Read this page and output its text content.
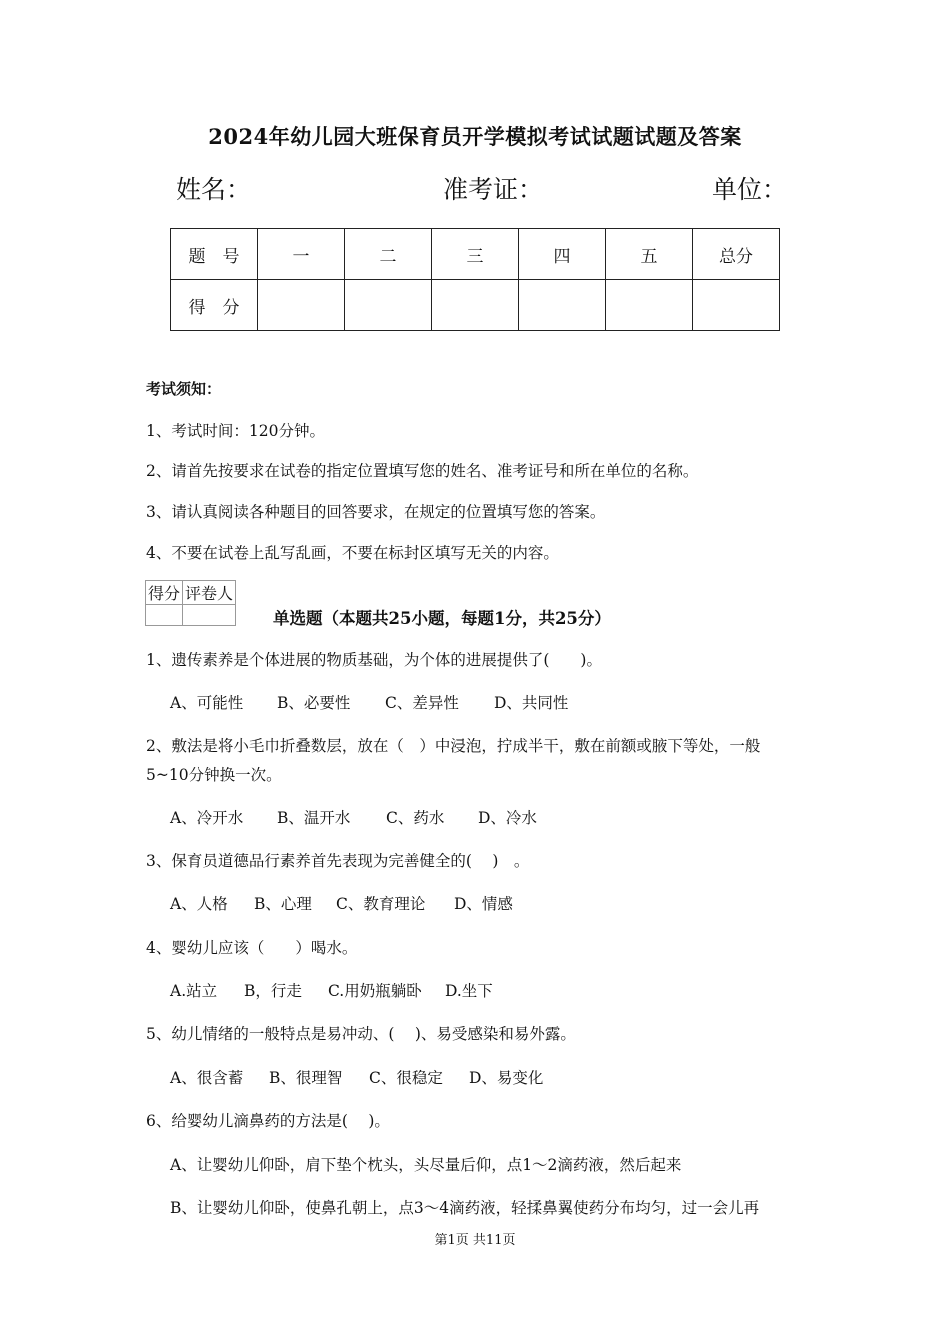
2024年幼儿园大班保育员开学模拟考试试题试题及答案
姓名：	准考证：	单位：
题　号	一	二	三	四	五	总分
得　分						
考试须知：
1、考试时间：120分钟。
2、请首先按要求在试卷的指定位置填写您的姓名、准考证号和所在单位的名称。
3、请认真阅读各种题目的回答要求，在规定的位置填写您的答案。
4、不要在试卷上乱写乱画，不要在标封区填写无关的内容。
得分	评卷人

单选题（本题共25小题，每题1分，共25分）
1、遗传素养是个体进展的物质基础，为个体的进展提供了(　　)。
A、可能性 B、必要性 C、差异性 D、共同性
2、敷法是将小毛巾折叠数层，放在（　）中浸泡，拧成半干，敷在前额或腋下等处，一般
5~10分钟换一次。
A、冷开水 B、温开水 C、药水 D、冷水
3、保育员道德品行素养首先表现为完善健全的(　 )　。
A、人格 B、心理 C、教育理论 D、情感
4、婴幼儿应该（　　）喝水。
A.站立 B，行走 C.用奶瓶躺卧 D.坐下
5、幼儿情绪的一般特点是易冲动、(　 )、易受感染和易外露。
A、很含蓄 B、很理智 C、很稳定 D、易变化
6、给婴幼儿滴鼻药的方法是(　 )。
A、让婴幼儿仰卧，肩下垫个枕头，头尽量后仰，点1～2滴药液，然后起来
B、让婴幼儿仰卧，使鼻孔朝上，点3～4滴药液，轻揉鼻翼使药分布均匀，过一会儿再
第1页 共11页
